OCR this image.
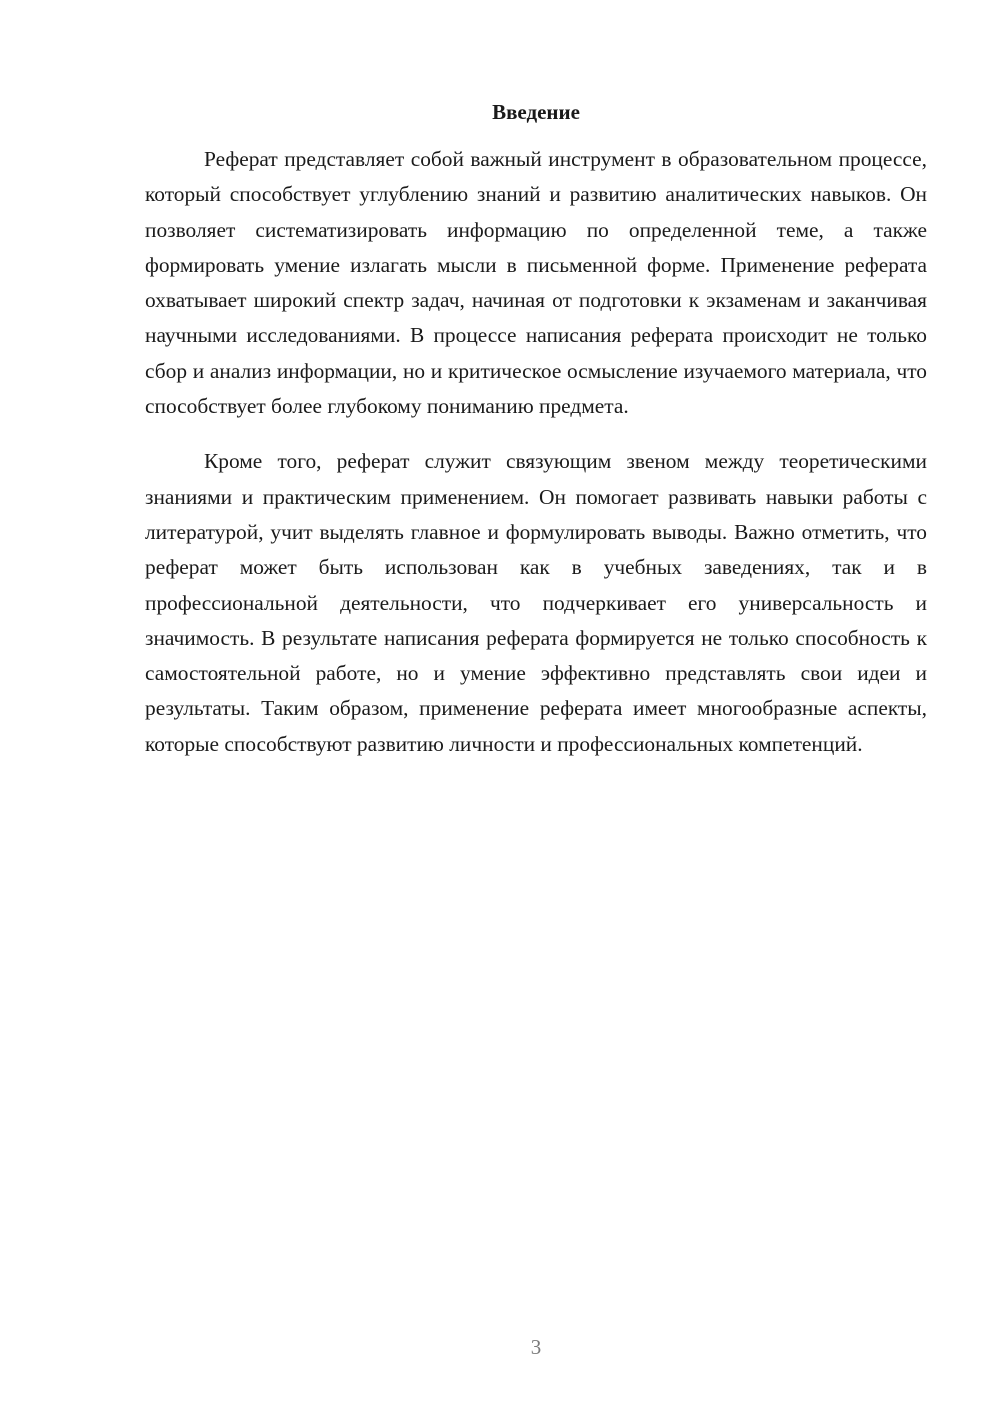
Введение

Реферат представляет собой важный инструмент в образовательном процессе, который способствует углублению знаний и развитию аналитических навыков. Он позволяет систематизировать информацию по определенной теме, а также формировать умение излагать мысли в письменной форме. Применение реферата охватывает широкий спектр задач, начиная от подготовки к экзаменам и заканчивая научными исследованиями. В процессе написания реферата происходит не только сбор и анализ информации, но и критическое осмысление изучаемого материала, что способствует более глубокому пониманию предмета.

Кроме того, реферат служит связующим звеном между теоретическими знаниями и практическим применением. Он помогает развивать навыки работы с литературой, учит выделять главное и формулировать выводы. Важно отметить, что реферат может быть использован как в учебных заведениях, так и в профессиональной деятельности, что подчеркивает его универсальность и значимость. В результате написания реферата формируется не только способность к самостоятельной работе, но и умение эффективно представлять свои идеи и результаты. Таким образом, применение реферата имеет многообразные аспекты, которые способствуют развитию личности и профессиональных компетенций.

3
